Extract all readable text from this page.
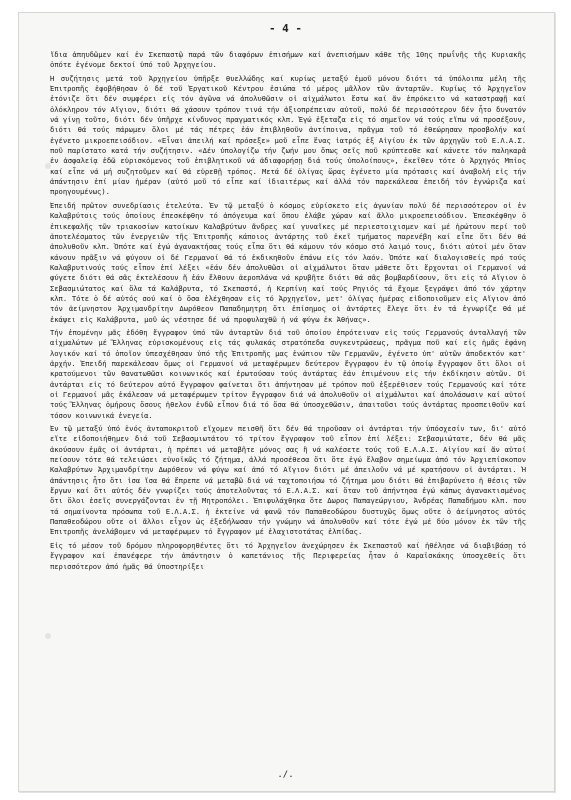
- 4 -

ἴδια ἀπηυδῶμεν καί ἐν Σκεπαστῷ παρά τῶν διαφόρων ἐπισήμων καί ἀνεπισήμων κάθε τῆς 10ης πρωΐνῆς τῆς Κυριακῆς ὁπότε ἐγένομε δεκτοί ὑπό τοῦ Ἀρχηγείου.

Ἡ συζήτησις μετά τοῦ Ἀρχηγείου ὑπῆρξε θυελλώδης καί κυρίως μεταξύ ἐμοῦ μόνου διότι τά ὑπόλοιπα μέλη τῆς Ἐπιτροπῆς ἐφοβήθησαν ὁ δέ τοῦ Ἐργατικοῦ Κέντρου ἐσιώπα τό μέρος μᾶλλον τῶν ἀνταρτῶν. Κυρίως τό Ἀρχηγεῖον ἐτόνιζε ὅτι δέν συμφέρει εἰς τόν ἀγῶνα νά ἀπολυθῶσιν οἱ αἰχμάλωτοι ἔστω καί ἄν ἐπρόκειτο νά καταστραφῇ καί ὁλόκληρον τόν Αἴγιον, διότι θά χάσουν τρόπον τινά τήν ἀξιοπρέπειαν αὐτοῦ, πολύ δέ περισσότερον δέν ἦτο δυνατόν νά γίνῃ τοῦτο, διότι δέν ὑπῆρχε κίνδυνος πραγματικός κλπ. Ἐγώ ἐξεταζα εἰς τό σημεῖον νά τούς εἴπω νά προσέξουν, διότι θά τούς πάρωμεν ὅλοι μέ τάς πέτρες ἐάν ἐπιβληθοῦν ἀντίποινα, πρᾶγμα τοῦ τό ἐθεώρησαν προσβολήν καί ἐγένετο μικροεπεισόδιον. «Εἶναι ἀπειλή καί πρόσεξε» μοῦ εἶπε ἕνας ἰατρός ἐξ Αἰγίου ἐκ τῶν ἀρχηγῶν τοῦ Ε.Λ.Α.Σ. ποῦ παρίστατο κατά τήν συζήτησιν. «Δέν ὑπολογίζω τήν ζωήν μου ὅπως σεῖς ποῦ κρύπτεσθε καί κάνετε τόν παληκαρᾶ ἐν ἀσφαλείᾳ ἐδῶ εὑρισκόμενος τοῦ ἐπιβλητικοῦ νά ἀδιαφορήσῃ διά τούς ὑπολοίπους», ἐκεῖθεν τότε ὁ Ἀρχηγός Μπίος καί εἶπε νά μή συζητοῦμεν καί θά εὑρεθῇ τρόπος. Μετά δέ ὀλίγας ὥρας ἐγένετο μία πρότασις καί ἀναβολή εἰς τήν ἀπάντησιν ἐπί μίαν ἡμέραν (αὐτό μοῦ τό εἶπε καί ἰδιαιτέρως καί ἀλλά τόν παρεκάλεσα ἐπειδή τόν ἐγνώριζα καί προηγουμένως).

Ἐπειδή πρῶτον συνεδρίασις ἐτελεύτα. Ἐν τῷ μεταξύ ὁ κόσμος εὑρίσκετο εἰς ἀγωνίαν πολύ δέ περισσότερον οἱ ἐν Καλαβρύτοις τούς ὁποίους ἐπεσκέφθην τό ἀπόγευμα καί ὅπου ἐλάβε χώραν καί ἄλλο μικροεπεισόδιον. Ἐπεσκέφθην ὁ ἐπικεφαλῆς τῶν τριακοσίων κατοίκων Καλαβρύτων ἄνδρες καί γυναῖκες μέ περιεστοιχισμεν καί μέ ἠρώτουν περί τοῦ ἀποτελέσματος τῶν ἐνεργειῶν τῆς Ἐπιτροπῆς κάποιος ἀντάρτης τοῦ ἐκεῖ τμήματος παρενέβη καί εἶπε ὅτι δέν θά ἀπολυθοῦν κλπ. Ὁπότε καί ἐγώ ἀγανακτήσας τούς εἶπα ὅτι θά κάμουν τόν κόσμο στό λαιμό τους, διότι αὐτοί μέν ὅταν κάνουν πρᾶξιν νά φύγουν οἱ δέ Γερμανοί θά τό ἐκδικηθοῦν ἐπάνω εἰς τόν λαόν. Ὁπότε καί διαλογισθείς πρό τούς Καλαβρυτινούς τούς εἶπον ἐπί λέξει «ἐάν δέν ἀπολυθῶσι οἱ αἰχμάλωτοι ὅταν μάθετε ὅτι ἔρχονται οἱ Γερμανοί νά φύγετε διότι θά σᾶς ἐκτελέσουν ἤ ἐάν ἔλθουν ἀεροπλάνα νά κρυβῆτε διότι θά σᾶς βομβαρδίσουν, ὅτι εἰς τό Αἴγιον ὁ Σεβασμιώτατος καί ὅλα τά Καλάβρυτα, τό Σκεπαστό, ἡ Κερπίνη καί τούς Ρηγιός τά ἔχομε ξεγράψει ἀπό τόν χάρτην κλπ. Τότε ὁ δέ αὐτός σού καί ὁ ὅσα ἐλέχθησαν εἰς τό Ἀρχηγεῖον, μετ' ὀλίγας ἡμέρας εἰδοποιοῦμεν εἰς Αἴγιον ἀπό τόν ἀείμνηστον Ἀρχιμανδρίτην Δωρόθεον Παπαδημητρη ὅτι ἐπίσημος οἱ ἀντάρτες ἔλεγε ὅτι ἐν τά ἐγνωρίζε θά μέ ἐκάψει εἰς Καλάβρυτα, μοῦ ὡς νέστησε δέ νά προφυλαχθῶ ἡ νά φύγω ἐκ Ἀθήνας».

Τήν ἐπομένην μᾶς ἐδόθη ἔγγραφον ὑπό τῶν ἀνταρτῶν διά τοῦ ὁποίου ἐπρότειναν εἰς τούς Γερμανούς ἀνταλλαγή τῶν αἰχμαλώτων μέ Ἕλληνας εὑρισκομένους εἰς τάς φυλακάς στρατόπεδα συγκεντρώσεως, πρᾶγμα ποῦ καί εἰς ἡμᾶς ἐφάνη λογικόν καί τό ὁποῖον ὑπεσχέθησαν ὑπό τῆς Ἐπιτροπῆς μας ἐνώπιον τῶν Γερμανῶν, ἐγένετο ὑπ' αὐτῶν ἀποδεκτόν κατ' ἀρχήν. Ἐπειδή παρεκάλεσαν ὅμως οἱ Γερμανοί νά μεταφέρωμεν δεύτερον ἔγγραφον ἐν τῷ ὁποίῳ ἔγγραφον ὅτι ὅλοι οἱ κρατούμενοι τῶν θανατωθῶσι κοινωνικός καί ἐρωτούσαν τούς ἀντάρτας ἐάν ἐπιμένουν εἰς τήν ἐκδίκησιν αὐτῶν. Οἱ ἀντάρται εἰς τό δεύτερον αὐτό ἔγγραφον φαίνεται ὅτι ἀπήντησαν μέ τρόπον ποῦ ἐξερέθισεν τούς Γερμανούς καί τότε οἱ Γερμανοί μᾶς ἐκάλεσαν νά μεταφέρωμεν τρίτον ἔγγραφον διά νά ἀπολυθοῦν οἱ αἰχμάλωτοι καί ἀπολάσωσιν καί αὐτοί τούς Ἕλληνας ὁμήρους ὅσους ἠθελον ἐνδῶ εἶπον διά τό ὅσα θά ὑποσχεθῶσιν, ἀπαιτοῦσι τούς ἀντάρτας προσπειθοῦν καί τόσον κοινωνικά ἐνεγεία.

Ἐν τῷ μεταξύ ὑπό ἑνός ἀνταποκριτοῦ εἴχομεν πεισθῆ ὅτι δέν θά τηροῦσαν οἱ ἀντάρται τήν ὑπόσχεσίν των, δι' αὐτό εἴτε εἰδοποιήθημεν διά τοῦ Σεβασμιωτάτου τό τρίτον ἔγγραφον τοῦ εἶπον ἐπί λέξει: Σεβασμιώτατε, δέν θά μᾶς ἀκούσουν ἐμᾶς οἱ ἀντάρται, ἡ πρέπει νά μεταβῆτε μόνος σας ἢ νά καλέσετε τούς τοῦ Ε.Λ.Α.Σ. Αἰγίου καί ἄν αὐτοί πείσουν τότε θά τελειώσει εὐνοϊκῶς τό ζήτημα, ἀλλά προσέθεσα ὅτι ὅτε ἐγώ ἔλαβον σημείωμα ἀπό τόν Ἀρχιεπίσκοπον Καλαβρύτων Ἀρχιμανδρίτην Δωρόθεον νά φύγω καί ἀπό τό Αἴγιον διότι μέ ἀπειλοῦν νά μέ κρατήσουν οἱ ἀντάρται. Ἡ ἀπάντησις ἦτο ὅτι ἰσα ἴσα θά ἔπρεπε νά μεταβῶ διά νά ταχτοποιήσω τό ζήτημα μου διότι θά ἐπιβαρύνετο ἡ θέσις τῶν ἔργων καί ὅτι αὐτός δέν γνωρίζει τούς ἀποτελοῦντας τό Ε.Λ.Α.Σ. καί ὅταν τοῦ ἀπήντησα ἐγώ κάπως ἀγανακτισμένος ὅτι ὅλοι ἐσεῖς συνεργάζονται ἐν τῇ Μητροπόλει. Ἐπιφυλάχθηκα ὅτε Δωρος Παπαγεώργιου, Ἀνδρέας Παπαδήμου κλπ. που τά σημαίνοντα πρόσωπα τοῦ Ε.Λ.Α.Σ. ἡ ἐκτείνε νά φανῶ τόν Παπαθεοδώρου δυστυχῶς ὅμως οὔτε ὁ ἀείμνηστος αὐτός Παπαθεοδώρου οὔτε οἱ ἄλλοι εἶχον ὡς ἐξεδήλωσαν τήν γνώμην νά ἀπολυθοῦν καί τότε ἐγώ μέ δύο μόνον ἐκ τῶν τῆς Ἐπιτροπῆς ἀνελάβομεν νά μεταφέρωμεν τό ἔγγραφον μέ ἐλαχιστοτάτας ἐλπίδας.

Εἰς τό μέσον τοῦ δρόμου πληροφορηθέντες ὅτι τό Ἀρχηγεῖον ἀνεχώρησεν ἐκ Σκεπαστοῦ καί ἠθέλησε νά διαβιβάσῃ τό ἔγγραφον καί ἐπανέφερε τήν ἀπάντησιν ὁ καπετάνιος τῆς Περιφερείας ἦταν ὁ Καραϊσκάκης ὑποσχεθείς ὅτι περισσότερον ἀπό ἡμᾶς θά ὑποστηρίξει

./.
